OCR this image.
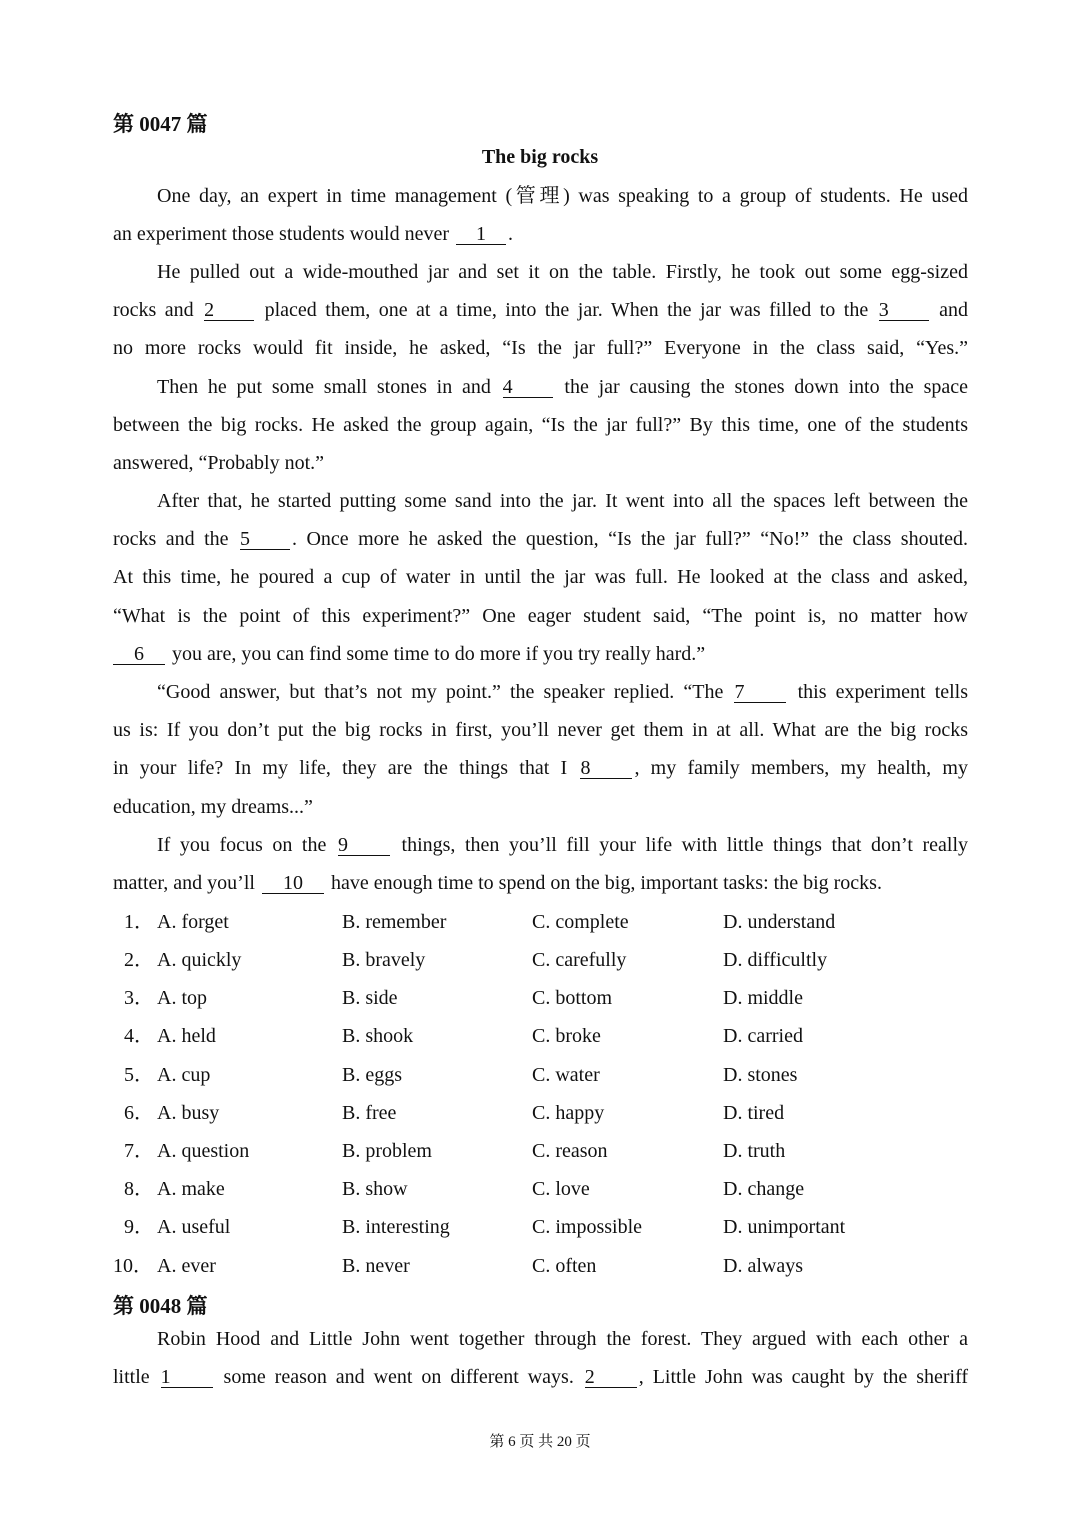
第 0047 篇
The big rocks
One day, an expert in time management (管理) was speaking to a group of students. He used
an experiment those students would never 1 .
He pulled out a wide-mouthed jar and set it on the table. Firstly, he took out some egg-sized
rocks and 2	placed them, one at a time, into the jar. When the jar was filled to the 3	and
no more rocks would fit inside, he asked, “Is the jar full?” Everyone in the class said, “Yes.”
Then he put some small stones in and 4	the jar causing the stones down into the space
between the big rocks. He asked the group again, “Is the jar full?” By this time, one of the students
answered, “Probably not.”
After that, he started putting some sand into the jar. It went into all the spaces left between the
rocks and the 5 . Once more he asked the question, “Is the jar full?” “No!” the class shouted.
At this time, he poured a cup of water in until the jar was full. He looked at the class and asked,
“What is the point of this experiment?” One eager student said, “The point is, no matter how
6 you are, you can find some time to do more if you try really hard.”
“Good answer, but that’s not my point.” the speaker replied. “The 7	this experiment tells
us is: If you don’t put the big rocks in first, you’ll never get them in at all. What are the big rocks
in your life? In my life, they are the things that I 8 , my family members, my health, my
education, my dreams...”
If you focus on the 9	things, then you’ll fill your life with little things that don’t really
matter, and you’ll 10 have enough time to spend on the big, important tasks: the big rocks.
1． A. forget	B. remember	C. complete	D. understand
2． A. quickly	B. bravely	C. carefully	D. difficultly
3． A. top	B. side	C. bottom	D. middle
4． A. held	B. shook	C. broke	D. carried
5． A. cup	B. eggs	C. water	D. stones
6． A. busy	B. free	C. happy	D. tired
7． A. question	B. problem	C. reason	D. truth
8． A. make	B. show	C. love	D. change
9． A. useful	B. interesting	C. impossible	D. unimportant
10． A. ever	B. never	C. often	D. always
第 0048 篇
Robin Hood and Little John went together through the forest. They argued with each other a
little 1	some reason and went on different ways. 2 , Little John was caught by the sheriff
第 6 页 共 20 页
